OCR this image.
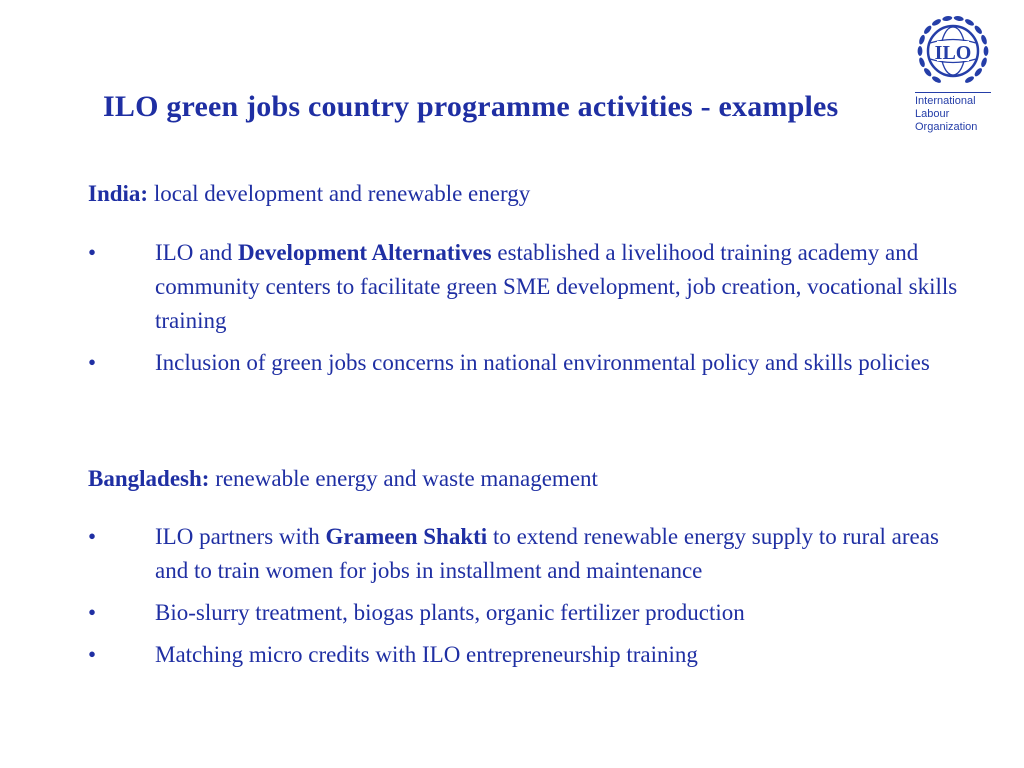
ILO green jobs country programme activities - examples
ILO
International
Labour
Organization
India: local development and renewable energy
•	ILO and Development Alternatives established a livelihood training academy and community centers to facilitate green SME development, job creation, vocational skills training
•	Inclusion of green jobs concerns in national environmental policy and skills policies
Bangladesh: renewable energy and waste management
•	ILO partners with Grameen Shakti to extend renewable energy supply to rural areas and to train women for jobs in installment and maintenance
•	Bio-slurry treatment, biogas plants, organic fertilizer production
•	Matching micro credits with ILO entrepreneurship training
